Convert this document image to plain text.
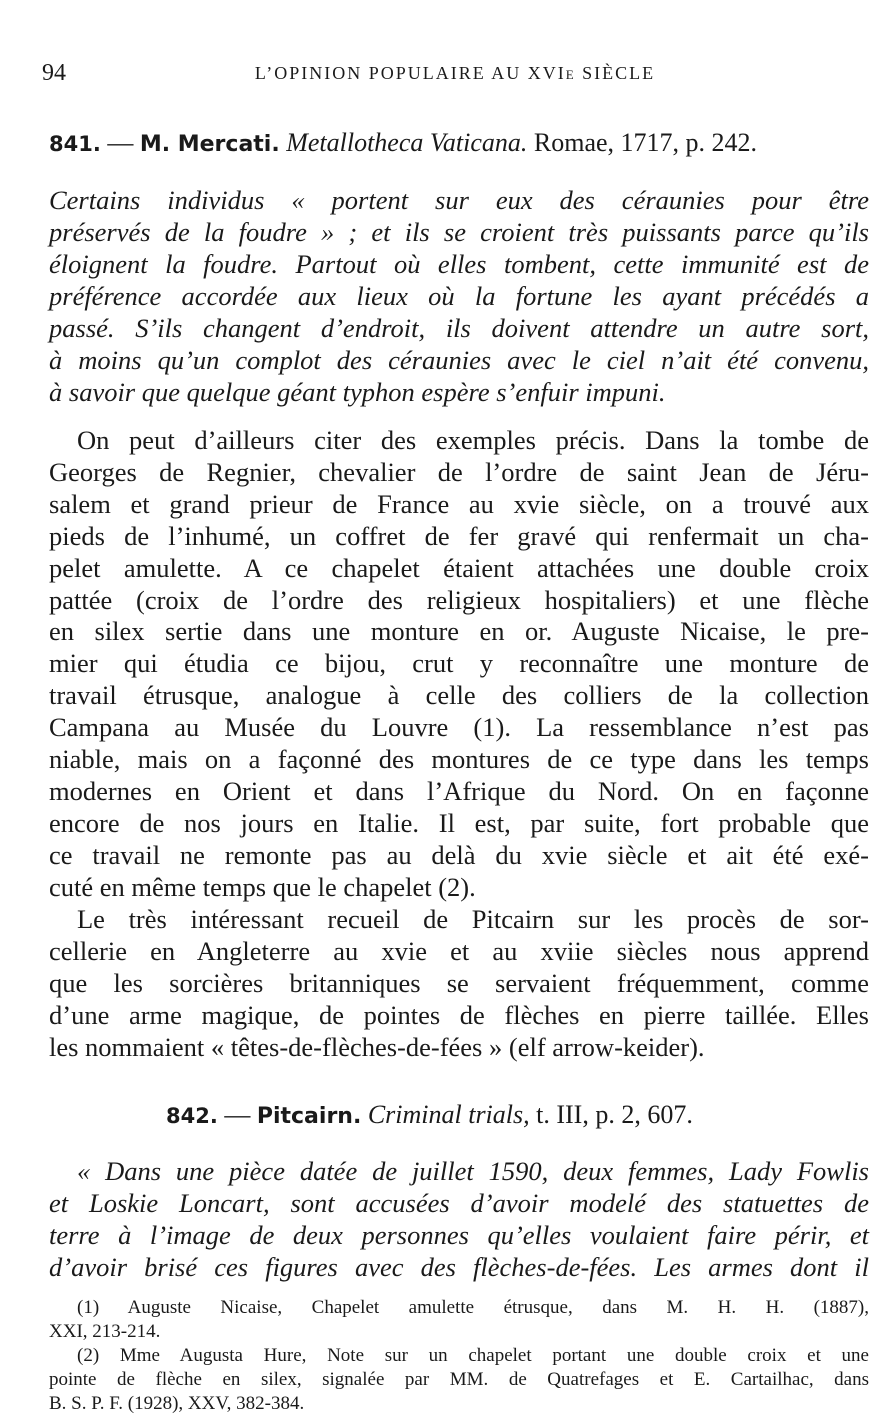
94	L’OPINION POPULAIRE AU XVIe SIÈCLE
841. — M. Mercati. Metallotheca Vaticana. Romae, 1717, p. 242.
Certains individus « portent sur eux des céraunies pour être
préservés de la foudre » ; et ils se croient très puissants parce qu’ils
éloignent la foudre. Partout où elles tombent, cette immunité est de
préférence accordée aux lieux où la fortune les ayant précédés a
passé. S’ils changent d’endroit, ils doivent attendre un autre sort,
à moins qu’un complot des céraunies avec le ciel n’ait été convenu,
à savoir que quelque géant typhon espère s’enfuir impuni.
On peut d’ailleurs citer des exemples précis. Dans la tombe de
Georges de Regnier, chevalier de l’ordre de saint Jean de Jéru-
salem et grand prieur de France au xvie siècle, on a trouvé aux
pieds de l’inhumé, un coffret de fer gravé qui renfermait un cha-
pelet amulette. A ce chapelet étaient attachées une double croix
pattée (croix de l’ordre des religieux hospitaliers) et une flèche
en silex sertie dans une monture en or. Auguste Nicaise, le pre-
mier qui étudia ce bijou, crut y reconnaître une monture de
travail étrusque, analogue à celle des colliers de la collection
Campana au Musée du Louvre (1). La ressemblance n’est pas
niable, mais on a façonné des montures de ce type dans les temps
modernes en Orient et dans l’Afrique du Nord. On en façonne
encore de nos jours en Italie. Il est, par suite, fort probable que
ce travail ne remonte pas au delà du xvie siècle et ait été exé-
cuté en même temps que le chapelet (2).
Le très intéressant recueil de Pitcairn sur les procès de sor-
cellerie en Angleterre au xvie et au xviie siècles nous apprend
que les sorcières britanniques se servaient fréquemment, comme
d’une arme magique, de pointes de flèches en pierre taillée. Elles
les nommaient « têtes-de-flèches-de-fées » (elf arrow-keider).
842. — Pitcairn. Criminal trials, t. III, p. 2, 607.
« Dans une pièce datée de juillet 1590, deux femmes, Lady Fowlis
et Loskie Loncart, sont accusées d’avoir modelé des statuettes de
terre à l’image de deux personnes qu’elles voulaient faire périr, et
d’avoir brisé ces figures avec des flèches-de-fées. Les armes dont il
(1) Auguste Nicaise, Chapelet amulette étrusque, dans M. H. H. (1887),
XXI, 213-214.
(2) Mme Augusta Hure, Note sur un chapelet portant une double croix et une
pointe de flèche en silex, signalée par MM. de Quatrefages et E. Cartailhac, dans
B. S. P. F. (1928), XXV, 382-384.
